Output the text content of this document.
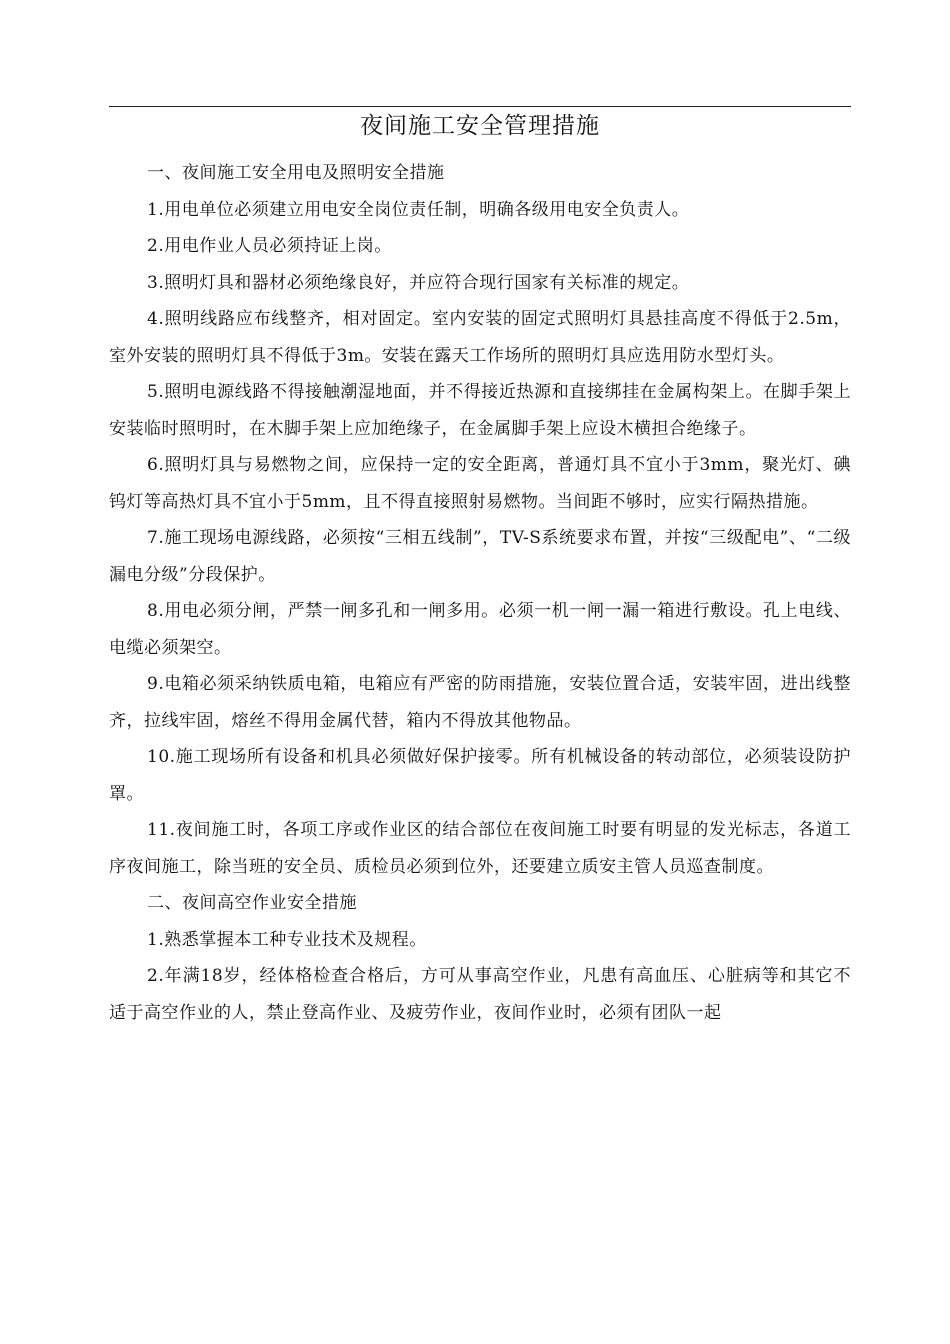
夜间施工安全管理措施

一、夜间施工安全用电及照明安全措施

1.用电单位必须建立用电安全岗位责任制，明确各级用电安全负责人。

2.用电作业人员必须持证上岗。

3.照明灯具和器材必须绝缘良好，并应符合现行国家有关标准的规定。

4.照明线路应布线整齐，相对固定。室内安装的固定式照明灯具悬挂高度不得低于2.5m，室外安装的照明灯具不得低于3m。安装在露天工作场所的照明灯具应选用防水型灯头。

5.照明电源线路不得接触潮湿地面，并不得接近热源和直接绑挂在金属构架上。在脚手架上安装临时照明时，在木脚手架上应加绝缘子，在金属脚手架上应设木横担合绝缘子。

6.照明灯具与易燃物之间，应保持一定的安全距离，普通灯具不宜小于3mm，聚光灯、碘钨灯等高热灯具不宜小于5mm，且不得直接照射易燃物。当间距不够时，应实行隔热措施。

7.施工现场电源线路，必须按“三相五线制”，TV-S系统要求布置，并按“三级配电”、“二级漏电分级”分段保护。

8.用电必须分闸，严禁一闸多孔和一闸多用。必须一机一闸一漏一箱进行敷设。孔上电线、电缆必须架空。

9.电箱必须采纳铁质电箱，电箱应有严密的防雨措施，安装位置合适，安装牢固，进出线整齐，拉线牢固，熔丝不得用金属代替，箱内不得放其他物品。

10.施工现场所有设备和机具必须做好保护接零。所有机械设备的转动部位，必须装设防护罩。

11.夜间施工时，各项工序或作业区的结合部位在夜间施工时要有明显的发光标志，各道工序夜间施工，除当班的安全员、质检员必须到位外，还要建立质安主管人员巡查制度。

二、夜间高空作业安全措施

1.熟悉掌握本工种专业技术及规程。

2.年满18岁，经体格检查合格后，方可从事高空作业，凡患有高血压、心脏病等和其它不适于高空作业的人，禁止登高作业、及疲劳作业，夜间作业时，必须有团队一起
